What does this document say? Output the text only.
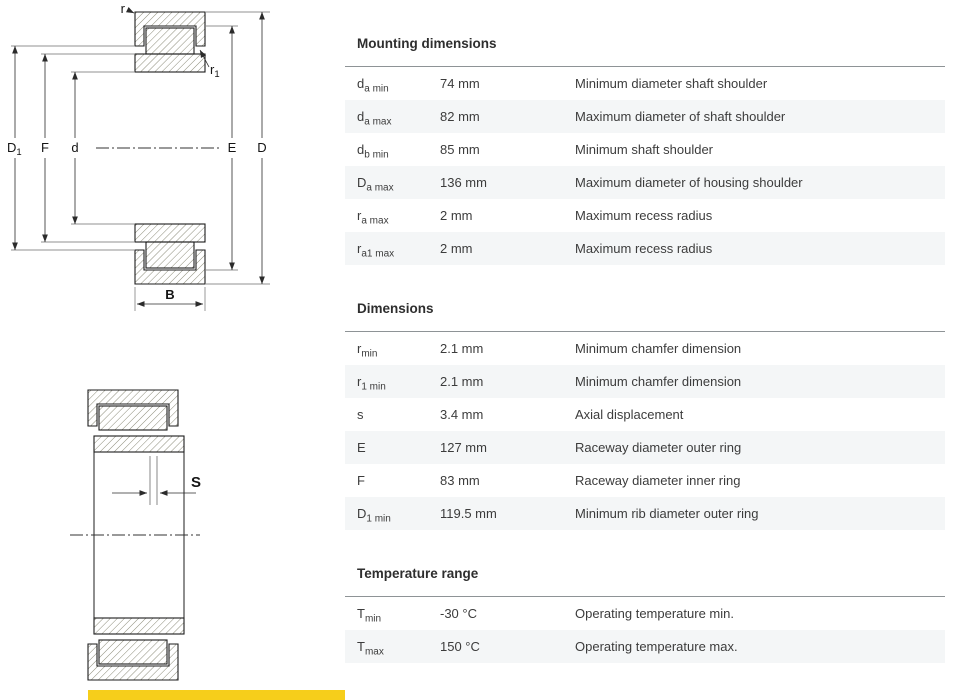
r
$r_1$
$D_1$ F d	E D
B
S
Mounting dimensions
$d_{a min}$	74 mm	Minimum diameter shaft shoulder
$d_{a max}$	82 mm	Maximum diameter of shaft shoulder
$d_{b min}$	85 mm	Minimum shaft shoulder
$D_{a max}$	136 mm	Maximum diameter of housing shoulder
$r_{a max}$	2 mm	Maximum recess radius
$r_{a1 max}$	2 mm	Maximum recess radius
Dimensions
$r_{min}$	2.1 mm	Minimum chamfer dimension
$r_{1 min}$	2.1 mm	Minimum chamfer dimension
s	3.4 mm	Axial displacement
E	127 mm	Raceway diameter outer ring
F	83 mm	Raceway diameter inner ring
$D_{1 min}$	119.5 mm	Minimum rib diameter outer ring
Temperature range
$T_{min}$	-30 °C	Operating temperature min.
$T_{max}$	150 °C	Operating temperature max.
